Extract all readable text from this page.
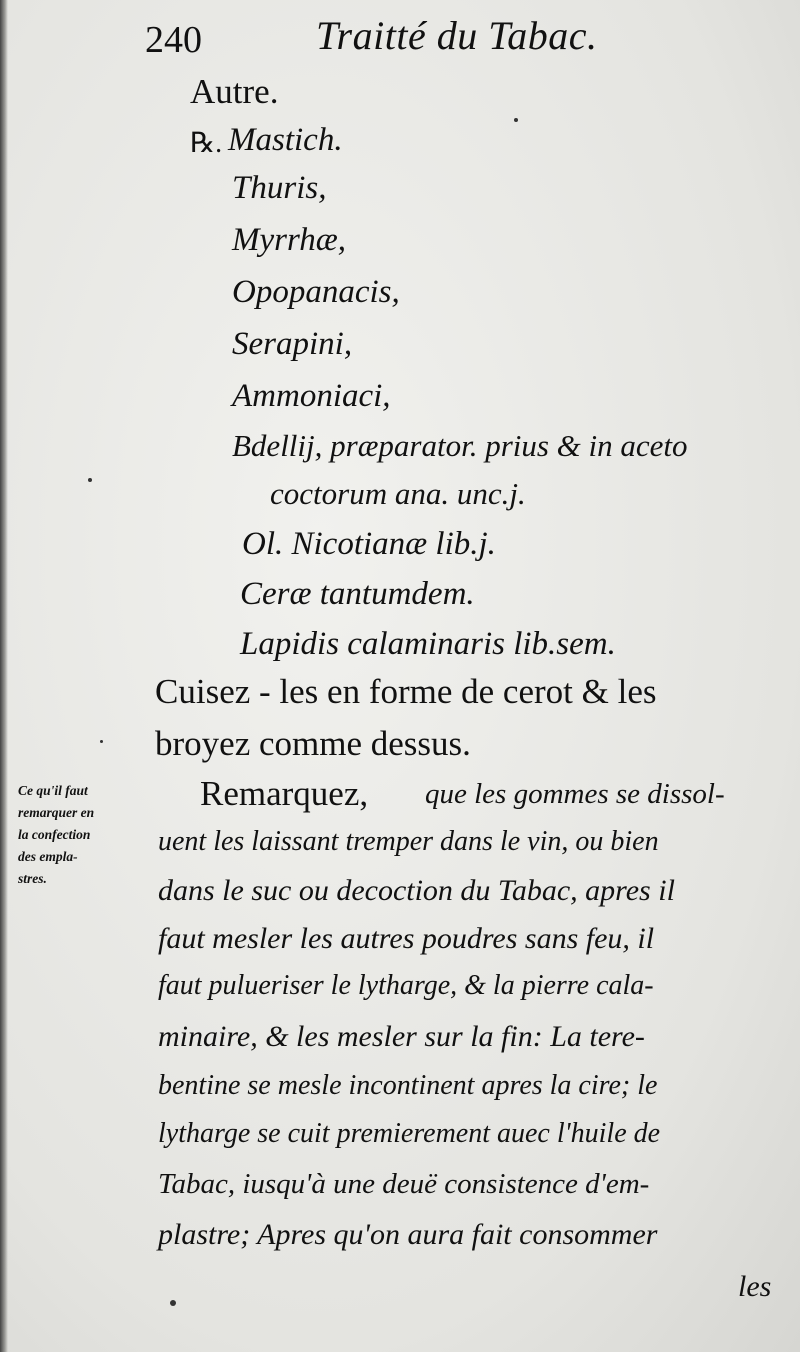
240	Traitté du Tabac.
Autre.
℞. Mastich.
Thuris,
Myrrhæ,
Opopanacis,
Serapini,
Ammoniaci,
Bdellij, præparator. prius & in aceto
coctorum ana. unc.j.
Ol. Nicotianæ lib.j.
Ceræ tantumdem.
Lapidis calaminaris lib.sem.
Cuisez - les en forme de cerot & les
broyez comme dessus.
Ce qu'il faut
remarquer en
la confection
des empla-
stres.
Remarquez, que les gommes se dissol-
uent les laissant tremper dans le vin, ou bien
dans le suc ou decoction du Tabac, apres il
faut mesler les autres poudres sans feu, il
faut pulueriser le lytharge, & la pierre cala-
minaire, & les mesler sur la fin: La tere-
bentine se mesle incontinent apres la cire; le
lytharge se cuit premierement auec l'huile de
Tabac, iusqu'à une deuë consistence d'em-
plastre; Apres qu'on aura fait consommer
les
